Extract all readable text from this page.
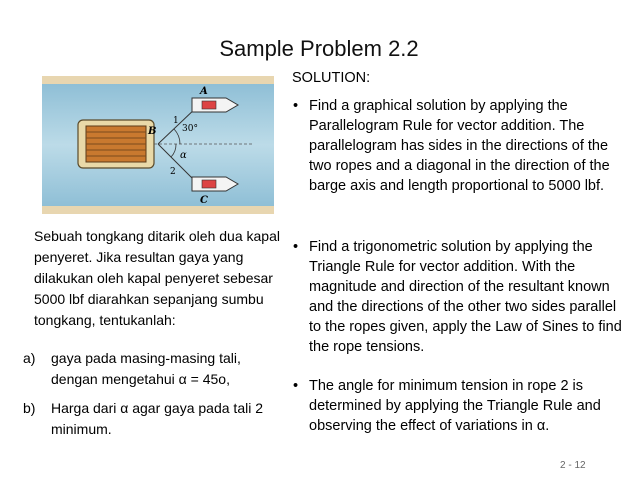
Sample Problem 2.2
A
B
C
1
2
30°
α
SOLUTION:
• Find a graphical solution by applying the Parallelogram Rule for vector addition. The parallelogram has sides in the directions of the two ropes and a diagonal in the direction of the barge axis and length proportional to 5000 lbf.
• Find a trigonometric solution by applying the Triangle Rule for vector addition. With the magnitude and direction of the resultant known and the directions of the other two sides parallel to the ropes given, apply the Law of Sines to find the rope tensions.
• The angle for minimum tension in rope 2 is determined by applying the Triangle Rule and observing the effect of variations in α.
Sebuah tongkang ditarik oleh dua kapal penyeret. Jika resultan gaya yang dilakukan oleh kapal penyeret sebesar 5000 lbf diarahkan sepanjang sumbu tongkang, tentukanlah:
a) gaya pada masing-masing tali, dengan mengetahui α = 45o,
b) Harga dari α agar gaya pada tali 2 minimum.
2 - 12
